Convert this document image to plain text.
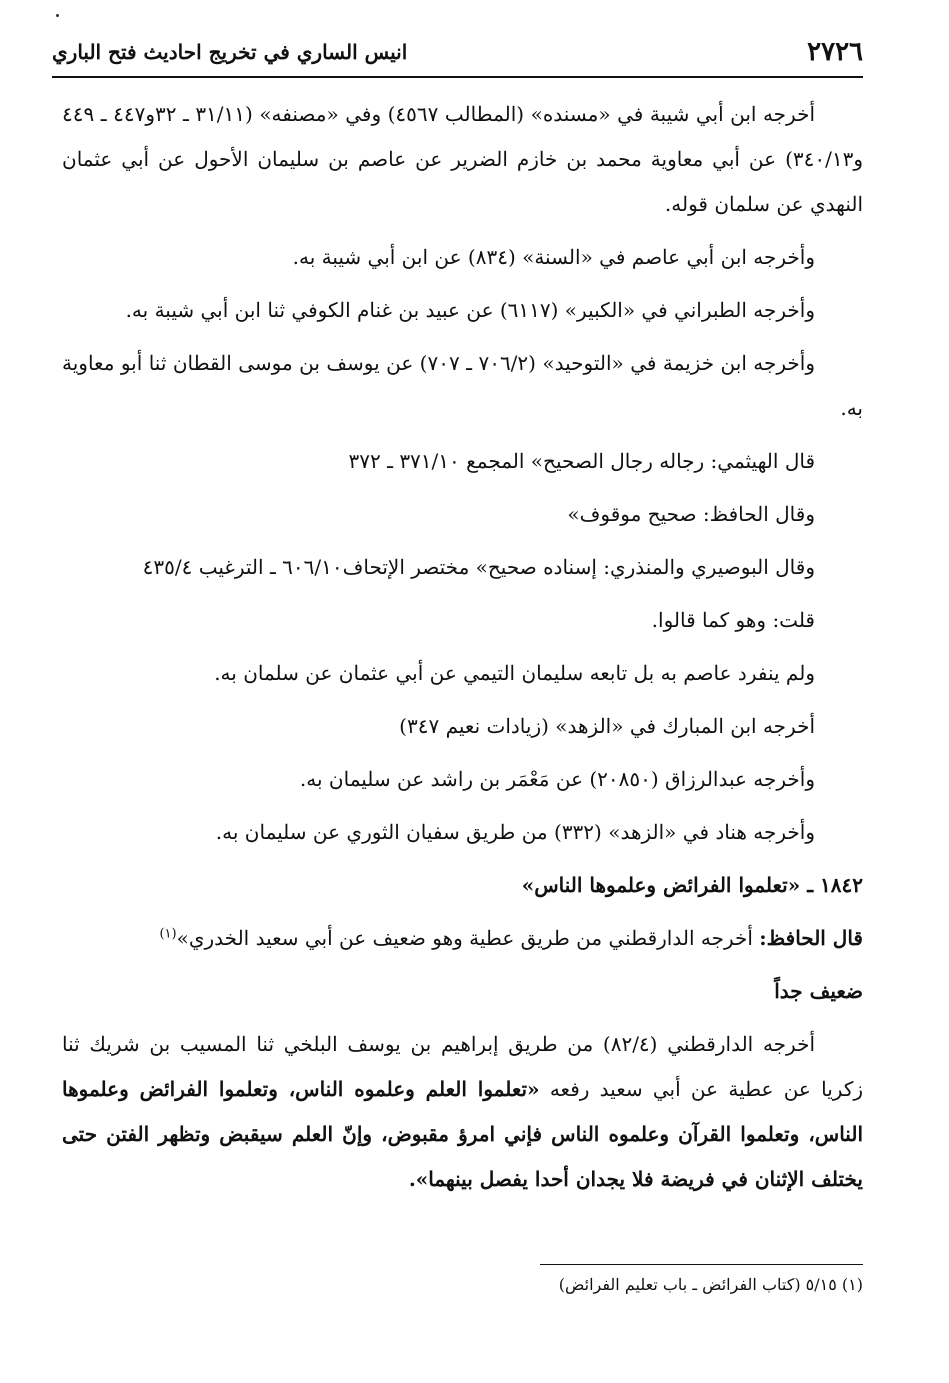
٢٧٢٦
انيس الساري في تخريج احاديث فتح الباري

أخرجه ابن أبي شيبة في «مسنده» (المطالب ٤٥٦٧) وفي «مصنفه» (٣١/١١ ـ ٣٢و٤٤٧ ـ ٤٤٩ و٣٤٠/١٣) عن أبي معاوية محمد بن خازم الضرير عن عاصم بن سليمان الأحول عن أبي عثمان النهدي عن سلمان قوله.

وأخرجه ابن أبي عاصم في «السنة» (٨٣٤) عن ابن أبي شيبة به.

وأخرجه الطبراني في «الكبير» (٦١١٧) عن عبيد بن غنام الكوفي ثنا ابن أبي شيبة به.

وأخرجه ابن خزيمة في «التوحيد» (٧٠٦/٢ ـ ٧٠٧) عن يوسف بن موسى القطان ثنا أبو معاوية به.

قال الهيثمي: رجاله رجال الصحيح» المجمع ٣٧١/١٠ ـ ٣٧٢

وقال الحافظ: صحيح موقوف»

وقال البوصيري والمنذري: إسناده صحيح» مختصر الإتحاف٦٠٦/١٠ ـ الترغيب ٤٣٥/٤

قلت: وهو كما قالوا.

ولم ينفرد عاصم به بل تابعه سليمان التيمي عن أبي عثمان عن سلمان به.

أخرجه ابن المبارك في «الزهد» (زيادات نعيم ٣٤٧)

وأخرجه عبدالرزاق (٢٠٨٥٠) عن مَعْمَر بن راشد عن سليمان به.

وأخرجه هناد في «الزهد» (٣٣٢) من طريق سفيان الثوري عن سليمان به.

١٨٤٢ ـ «تعلموا الفرائض وعلموها الناس»

قال الحافظ: أخرجه الدارقطني من طريق عطية وهو ضعيف عن أبي سعيد الخدري»$^{(١)}$

ضعيف جداً

أخرجه الدارقطني (٨٢/٤) من طريق إبراهيم بن يوسف البلخي ثنا المسيب بن شريك ثنا زكريا عن عطية عن أبي سعيد رفعه «تعلموا العلم وعلموه الناس، وتعلموا الفرائض وعلموها الناس، وتعلموا القرآن وعلموه الناس فإني امرؤ مقبوض، وإنّ العلم سيقبض وتظهر الفتن حتى يختلف الإثنان في فريضة فلا يجدان أحدا يفصل بينهما».

(١) ٥/١٥ (كتاب الفرائض ـ باب تعليم الفرائض)
